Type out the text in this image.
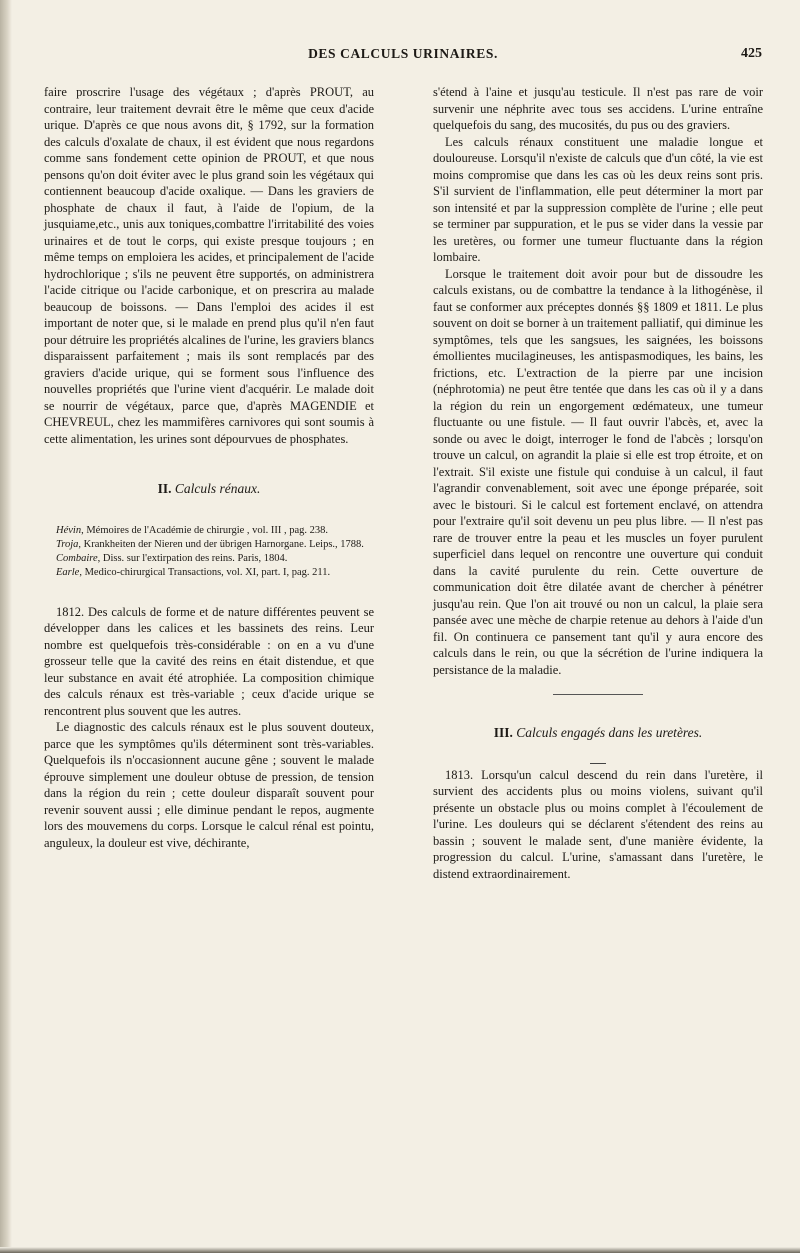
DES CALCULS URINAIRES.	425

faire proscrire l'usage des végétaux ; d'après PROUT, au contraire, leur traitement devrait être le même que ceux d'acide urique. D'après ce que nous avons dit, § 1792, sur la formation des calculs d'oxalate de chaux, il est évident que nous regardons comme sans fondement cette opinion de PROUT, et que nous pensons qu'on doit éviter avec le plus grand soin les végétaux qui contiennent beaucoup d'acide oxalique. — Dans les graviers de phosphate de chaux il faut, à l'aide de l'opium, de la jusquiame,etc., unis aux toniques,combattre l'irritabilité des voies urinaires et de tout le corps, qui existe presque toujours ; en même temps on emploiera les acides, et principalement de l'acide hydrochlorique ; s'ils ne peuvent être supportés, on administrera l'acide citrique ou l'acide carbonique, et on prescrira au malade beaucoup de boissons. — Dans l'emploi des acides il est important de noter que, si le malade en prend plus qu'il n'en faut pour détruire les propriétés alcalines de l'urine, les graviers blancs disparaissent parfaitement ; mais ils sont remplacés par des graviers d'acide urique, qui se forment sous l'influence des nouvelles propriétés que l'urine vient d'acquérir. Le malade doit se nourrir de végétaux, parce que, d'après MAGENDIE et CHEVREUL, chez les mammifères carnivores qui sont soumis à cette alimentation, les urines sont dépourvues de phosphates.

II. Calculs rénaux.
Hévin, Mémoires de l'Académie de chirurgie , vol. III , pag. 238.
Troja, Krankheiten der Nieren und der übrigen Harnorgane. Leips., 1788.
Combaire, Diss. sur l'extirpation des reins. Paris, 1804.
Earle, Medico-chirurgical Transactions, vol. XI, part. I, pag. 211.

1812. Des calculs de forme et de nature différentes peuvent se développer dans les calices et les bassinets des reins. Leur nombre est quelquefois très-considérable : on en a vu d'une grosseur telle que la cavité des reins en était distendue, et que leur substance en avait été atrophiée. La composition chimique des calculs rénaux est très-variable ; ceux d'acide urique se rencontrent plus souvent que les autres.

Le diagnostic des calculs rénaux est le plus souvent douteux, parce que les symptômes qu'ils déterminent sont très-variables. Quelquefois ils n'occasionnent aucune gêne ; souvent le malade éprouve simplement une douleur obtuse de pression, de tension dans la région du rein ; cette douleur disparaît souvent pour revenir souvent aussi ; elle diminue pendant le repos, augmente lors des mouvemens du corps. Lorsque le calcul rénal est pointu, anguleux, la douleur est vive, déchirante,

s'étend à l'aine et jusqu'au testicule. Il n'est pas rare de voir survenir une néphrite avec tous ses accidens. L'urine entraîne quelquefois du sang, des mucosités, du pus ou des graviers.

Les calculs rénaux constituent une maladie longue et douloureuse. Lorsqu'il n'existe de calculs que d'un côté, la vie est moins compromise que dans les cas où les deux reins sont pris. S'il survient de l'inflammation, elle peut déterminer la mort par son intensité et par la suppression complète de l'urine ; elle peut se terminer par suppuration, et le pus se vider dans la vessie par les uretères, ou former une tumeur fluctuante dans la région lombaire.

Lorsque le traitement doit avoir pour but de dissoudre les calculs existans, ou de combattre la tendance à la lithogénèse, il faut se conformer aux préceptes donnés §§ 1809 et 1811. Le plus souvent on doit se borner à un traitement palliatif, qui diminue les symptômes, tels que les sangsues, les saignées, les boissons émollientes mucilagineuses, les antispasmodiques, les bains, les frictions, etc. L'extraction de la pierre par une incision (néphrotomia) ne peut être tentée que dans les cas où il y a dans la région du rein un engorgement œdémateux, une tumeur fluctuante ou une fistule. — Il faut ouvrir l'abcès, et, avec la sonde ou avec le doigt, interroger le fond de l'abcès ; lorsqu'on trouve un calcul, on agrandit la plaie si elle est trop étroite, et on l'extrait. S'il existe une fistule qui conduise à un calcul, il faut l'agrandir convenablement, soit avec une éponge préparée, soit avec le bistouri. Si le calcul est fortement enclavé, on attendra pour l'extraire qu'il soit devenu un peu plus libre. — Il n'est pas rare de trouver entre la peau et les muscles un foyer purulent superficiel dans lequel on rencontre une ouverture qui conduit dans la cavité purulente du rein. Cette ouverture de communication doit être dilatée avant de chercher à pénétrer jusqu'au rein. Que l'on ait trouvé ou non un calcul, la plaie sera pansée avec une mèche de charpie retenue au dehors à l'aide d'un fil. On continuera ce pansement tant qu'il y aura encore des calculs dans le rein, ou que la sécrétion de l'urine indiquera la persistance de la maladie.

III. Calculs engagés dans les uretères.

1813. Lorsqu'un calcul descend du rein dans l'uretère, il survient des accidents plus ou moins violens, suivant qu'il présente un obstacle plus ou moins complet à l'écoulement de l'urine. Les douleurs qui se déclarent s'étendent des reins au bassin ; souvent le malade sent, d'une manière évidente, la progression du calcul. L'urine, s'amassant dans l'uretère, le distend extraordinairement.
